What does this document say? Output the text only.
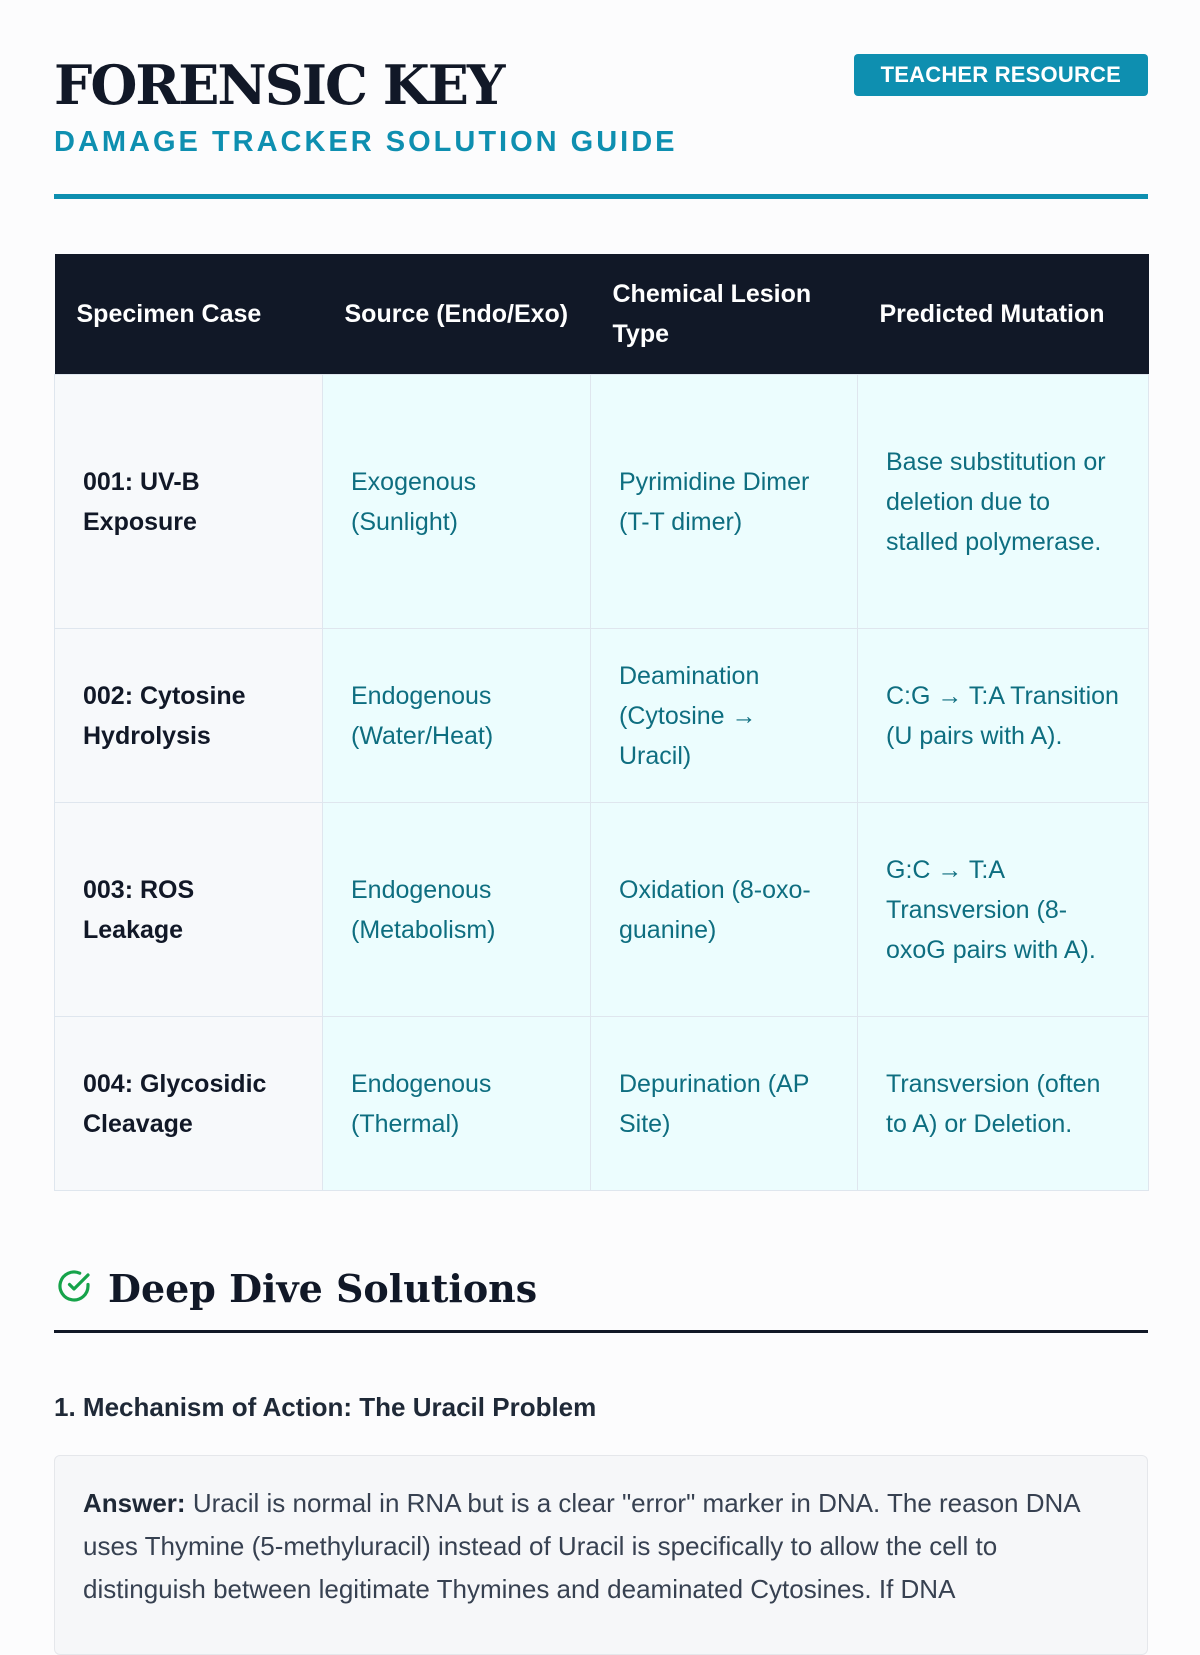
FORENSIC KEY
DAMAGE TRACKER SOLUTION GUIDE
TEACHER RESOURCE
Specimen Case	Source (Endo/Exo)	Chemical Lesion Type	Predicted Mutation
001: UV-B Exposure	Exogenous (Sunlight)	Pyrimidine Dimer (T-T dimer)	Base substitution or deletion due to stalled polymerase.
002: Cytosine Hydrolysis	Endogenous (Water/Heat)	Deamination (Cytosine → Uracil)	C:G → T:A Transition (U pairs with A).
003: ROS Leakage	Endogenous (Metabolism)	Oxidation (8-oxo-guanine)	G:C → T:A Transversion (8-oxoG pairs with A).
004: Glycosidic Cleavage	Endogenous (Thermal)	Depurination (AP Site)	Transversion (often to A) or Deletion.
Deep Dive Solutions
1. Mechanism of Action: The Uracil Problem
Answer: Uracil is normal in RNA but is a clear "error" marker in DNA. The reason DNA uses Thymine (5-methyluracil) instead of Uracil is specifically to allow the cell to distinguish between legitimate Thymines and deaminated Cytosines. If DNA
